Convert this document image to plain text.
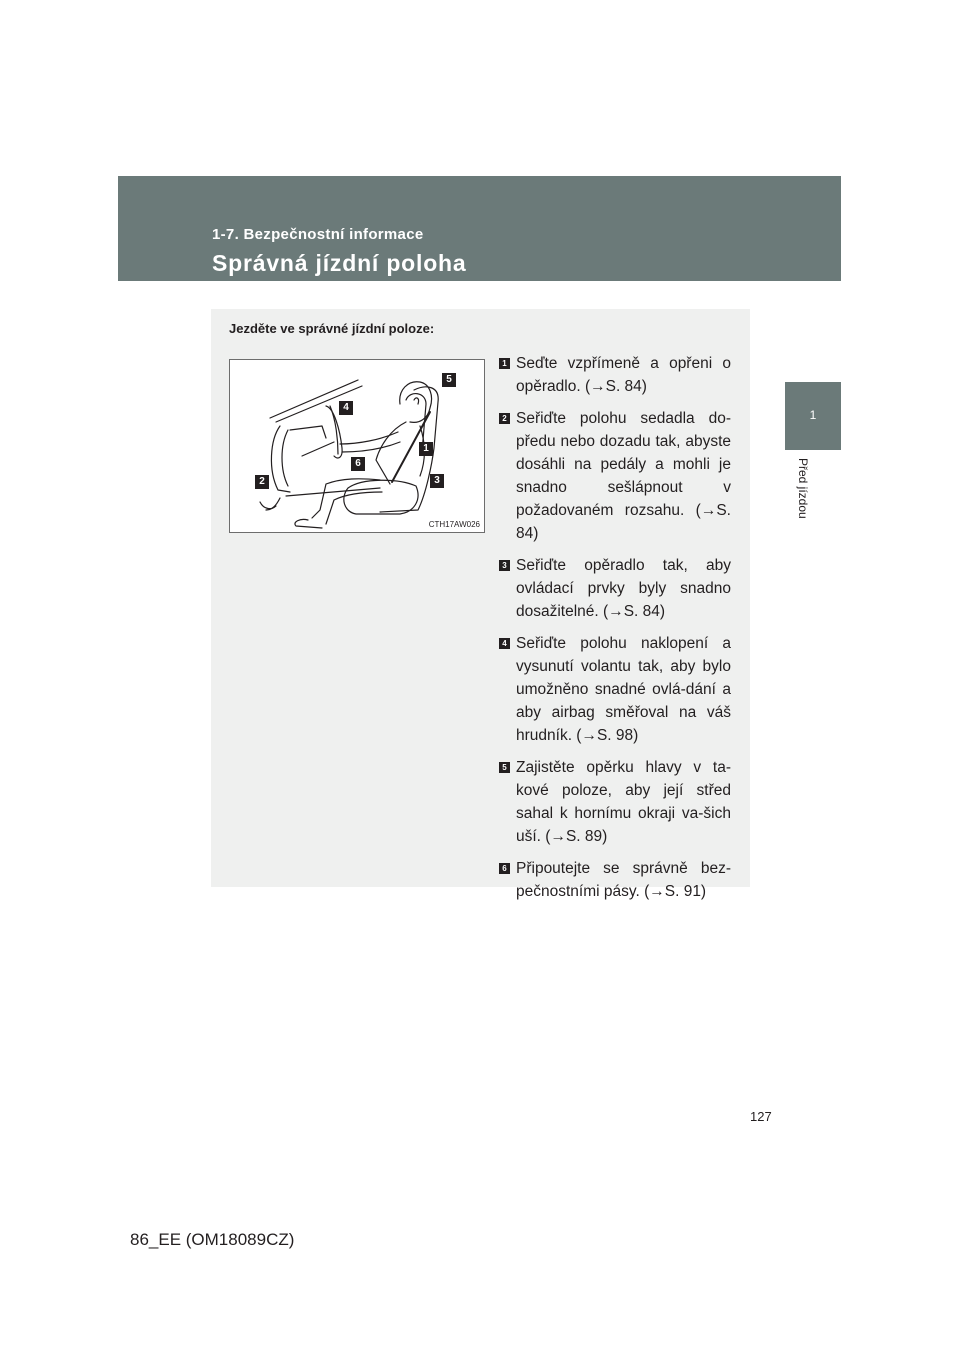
1-7. Bezpečnostní informace
Správná jízdní poloha
1
Před jízdou
Jezděte ve správné jízdní poloze:
5
4
1
6
3
2
CTH17AW026
1 Seďte vzpřímeně a opřeni o opěradlo. (→S. 84)
2 Seřiďte polohu sedadla do-předu nebo dozadu tak, abyste dosáhli na pedály a mohli je snadno sešlápnout v požadovaném rozsahu. (→S. 84)
3 Seřiďte opěradlo tak, aby ovládací prvky byly snadno dosažitelné. (→S. 84)
4 Seřiďte polohu naklopení a vysunutí volantu tak, aby bylo umožněno snadné ovlá-dání a aby airbag směřoval na váš hrudník. (→S. 98)
5 Zajistěte opěrku hlavy v ta-kové poloze, aby její střed sahal k hornímu okraji va-šich uší. (→S. 89)
6 Připoutejte se správně bez-pečnostními pásy. (→S. 91)
127
86_EE (OM18089CZ)
